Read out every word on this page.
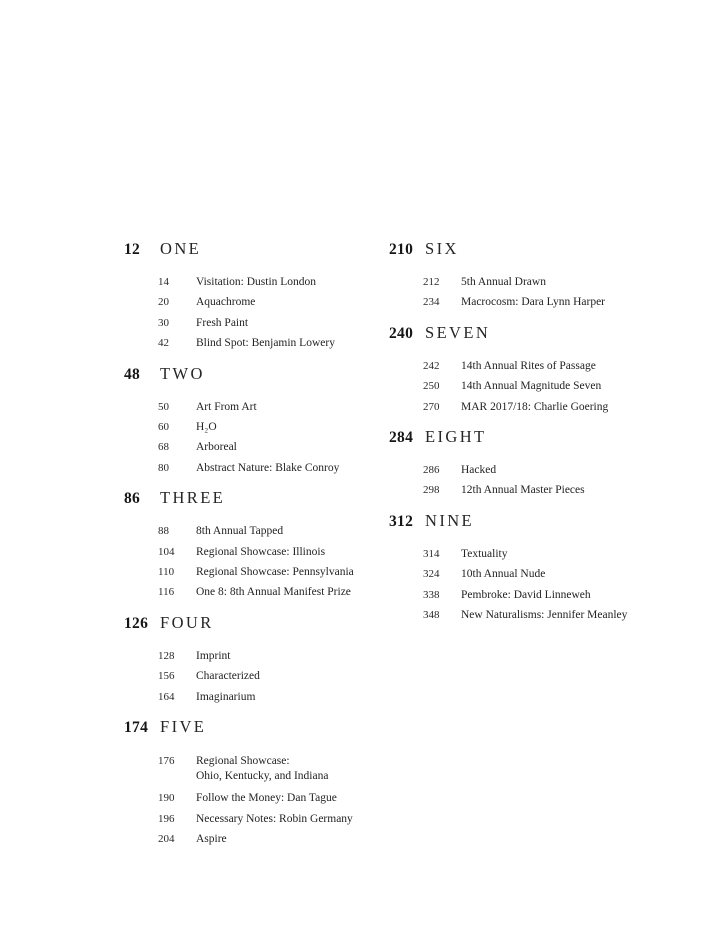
12	ONE
14	Visitation: Dustin London
20	Aquachrome
30	Fresh Paint
42	Blind Spot: Benjamin Lowery
48	TWO
50	Art From Art
60	H₂O
68	Arboreal
80	Abstract Nature: Blake Conroy
86	THREE
88	8th Annual Tapped
104	Regional Showcase: Illinois
110	Regional Showcase: Pennsylvania
116	One 8: 8th Annual Manifest Prize
126 FOUR
128	Imprint
156	Characterized
164	Imaginarium
174 FIVE
176	Regional Showcase:
Ohio, Kentucky, and Indiana
190	Follow the Money: Dan Tague
196	Necessary Notes: Robin Germany
204	Aspire
210 SIX
212	5th Annual Drawn
234	Macrocosm: Dara Lynn Harper
240 SEVEN
242	14th Annual Rites of Passage
250	14th Annual Magnitude Seven
270	MAR 2017/18: Charlie Goering
284 EIGHT
286	Hacked
298	12th Annual Master Pieces
312 NINE
314	Textuality
324	10th Annual Nude
338	Pembroke: David Linneweh
348	New Naturalisms: Jennifer Meanley
